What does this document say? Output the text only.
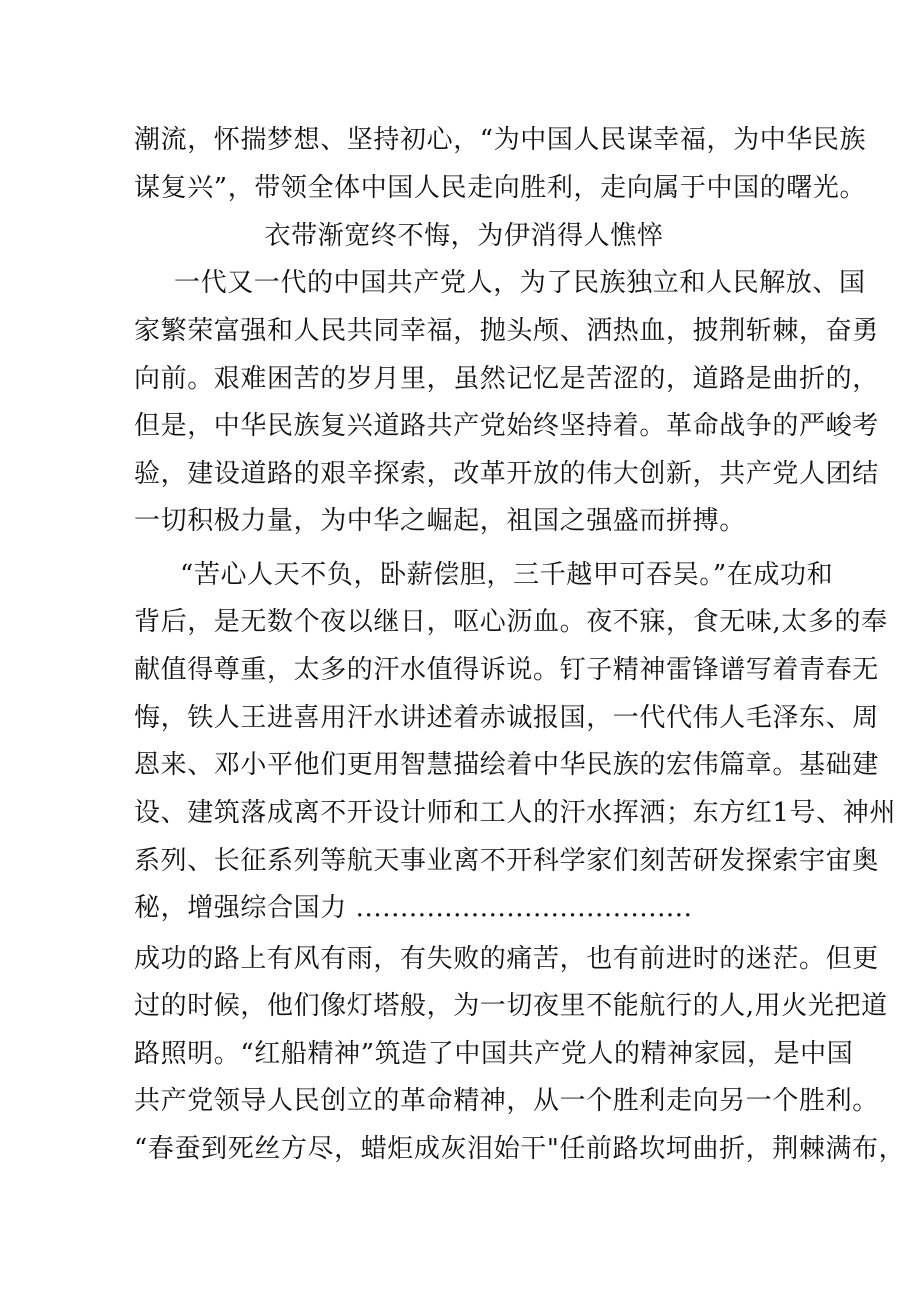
潮流，怀揣梦想、坚持初心，“为中国人民谋幸福，为中华民族
谋复兴”，带领全体中国人民走向胜利，走向属于中国的曙光。
衣带渐宽终不悔，为伊消得人憔悴
一代又一代的中国共产党人，为了民族独立和人民解放、国
家繁荣富强和人民共同幸福，抛头颅、洒热血，披荆斩棘，奋勇
向前。艰难困苦的岁月里，虽然记忆是苦涩的，道路是曲折的，
但是，中华民族复兴道路共产党始终坚持着。革命战争的严峻考
验，建设道路的艰辛探索，改革开放的伟大创新，共产党人团结
一切积极力量，为中华之崛起，祖国之强盛而拼搏。
“苦心人天不负，卧薪偿胆，三千越甲可吞吴。”在成功和
背后，是无数个夜以继日，呕心沥血。夜不寐，食无味,太多的奉
献值得尊重，太多的汗水值得诉说。钉子精神雷锋谱写着青春无
悔，铁人王进喜用汗水讲述着赤诚报国，一代代伟人毛泽东、周
恩来、邓小平他们更用智慧描绘着中华民族的宏伟篇章。基础建
设、建筑落成离不开设计师和工人的汗水挥洒；东方红1号、神州
系列、长征系列等航天事业离不开科学家们刻苦研发探索宇宙奥
秘，增强综合国力 ......................................
成功的路上有风有雨，有失败的痛苦，也有前进时的迷茫。但更
过的时候，他们像灯塔般，为一切夜里不能航行的人,用火光把道
路照明。“红船精神”筑造了中国共产党人的精神家园，是中国
共产党领导人民创立的革命精神，从一个胜利走向另一个胜利。
“春蚕到死丝方尽，蜡炬成灰泪始干"任前路坎坷曲折，荆棘满布，
